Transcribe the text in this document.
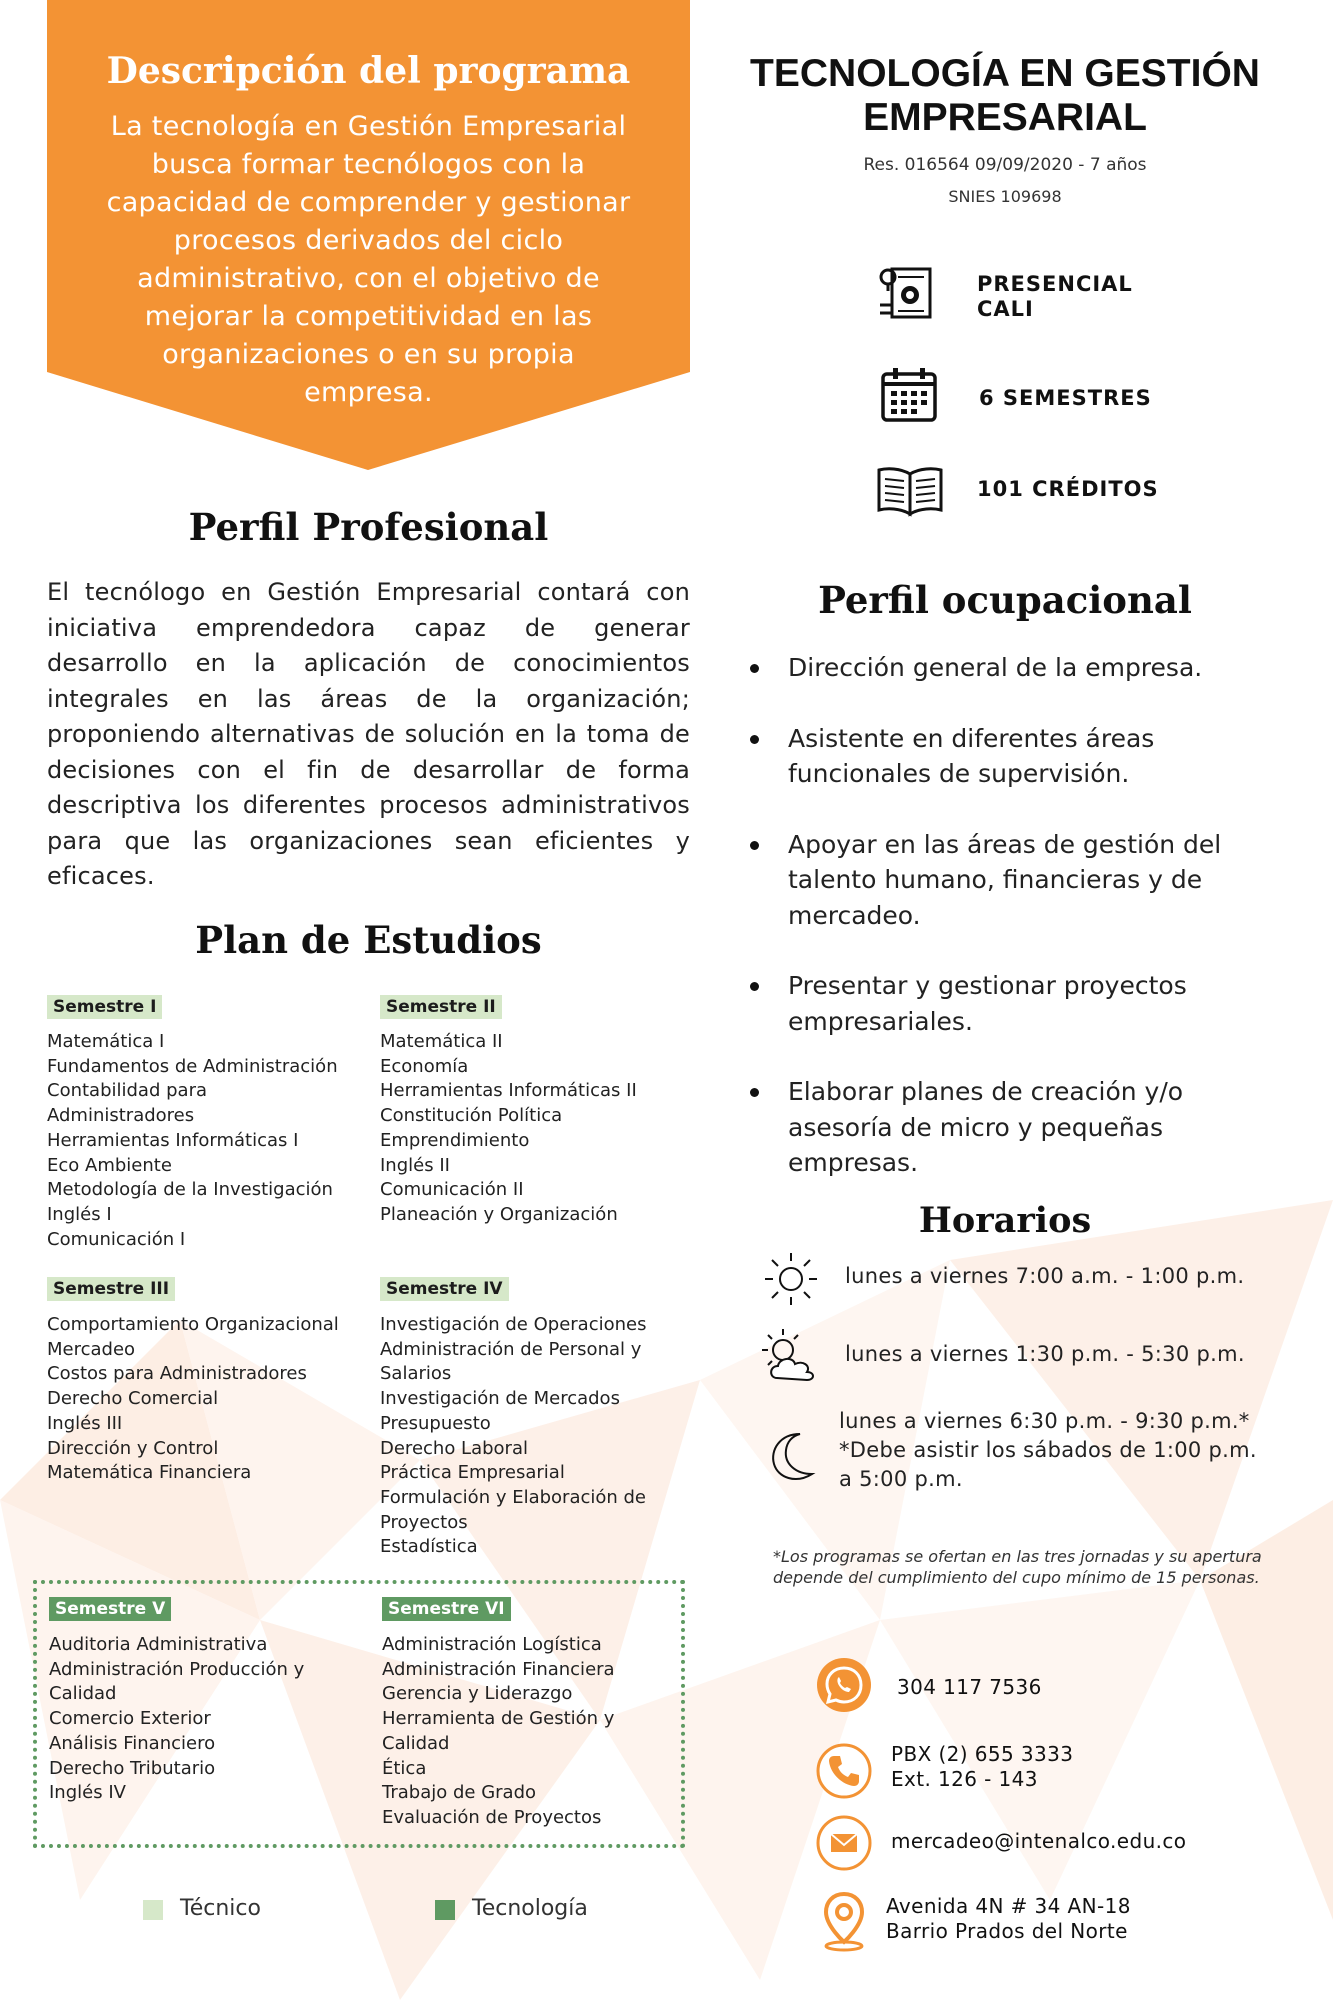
Descripción del programa
La tecnología en Gestión Empresarial busca formar tecnólogos con la capacidad de comprender y gestionar procesos derivados del ciclo administrativo, con el objetivo de mejorar la competitividad en las organizaciones o en su propia empresa.
TECNOLOGÍA EN GESTIÓN
EMPRESARIAL
Res. 016564 09/09/2020 - 7 años
SNIES 109698
PRESENCIAL
CALI
6 SEMESTRES
101 CRÉDITOS
Perfil Profesional
El tecnólogo en Gestión Empresarial contará con iniciativa emprendedora capaz de generar desarrollo en la aplicación de conocimientos integrales en las áreas de la organización; proponiendo alternativas de solución en la toma de decisiones con el fin de desarrollar de forma descriptiva los diferentes procesos administrativos para que las organizaciones sean eficientes y eficaces.
Plan de Estudios
Semestre I
Matemática I
Fundamentos de Administración
Contabilidad para
Administradores
Herramientas Informáticas I
Eco Ambiente
Metodología de la Investigación
Inglés I
Comunicación I
Semestre II
Matemática II
Economía
Herramientas Informáticas II
Constitución Política
Emprendimiento
Inglés II
Comunicación II
Planeación y Organización
Semestre III
Comportamiento Organizacional
Mercadeo
Costos para Administradores
Derecho Comercial
Inglés III
Dirección y Control
Matemática Financiera
Semestre IV
Investigación de Operaciones
Administración de Personal y
Salarios
Investigación de Mercados
Presupuesto
Derecho Laboral
Práctica Empresarial
Formulación y Elaboración de
Proyectos
Estadística
Semestre V
Auditoria Administrativa
Administración Producción y
Calidad
Comercio Exterior
Análisis Financiero
Derecho Tributario
Inglés IV
Semestre VI
Administración Logística
Administración Financiera
Gerencia y Liderazgo
Herramienta de Gestión y
Calidad
Ética
Trabajo de Grado
Evaluación de Proyectos
Técnico	Tecnología
Perfil ocupacional
Dirección general de la empresa.
Asistente en diferentes áreas funcionales de supervisión.
Apoyar en las áreas de gestión del talento humano, financieras y de mercadeo.
Presentar y gestionar proyectos empresariales.
Elaborar planes de creación y/o asesoría de micro y pequeñas empresas.
Horarios
lunes a viernes 7:00 a.m. - 1:00 p.m.
lunes a viernes 1:30 p.m. - 5:30 p.m.
lunes a viernes 6:30 p.m. - 9:30 p.m.*
*Debe asistir los sábados de 1:00 p.m.
a 5:00 p.m.
*Los programas se ofertan en las tres jornadas y su apertura depende del cumplimiento del cupo mínimo de 15 personas.
304 117 7536
PBX (2) 655 3333
Ext. 126 - 143
mercadeo@intenalco.edu.co
Avenida 4N # 34 AN-18
Barrio Prados del Norte
